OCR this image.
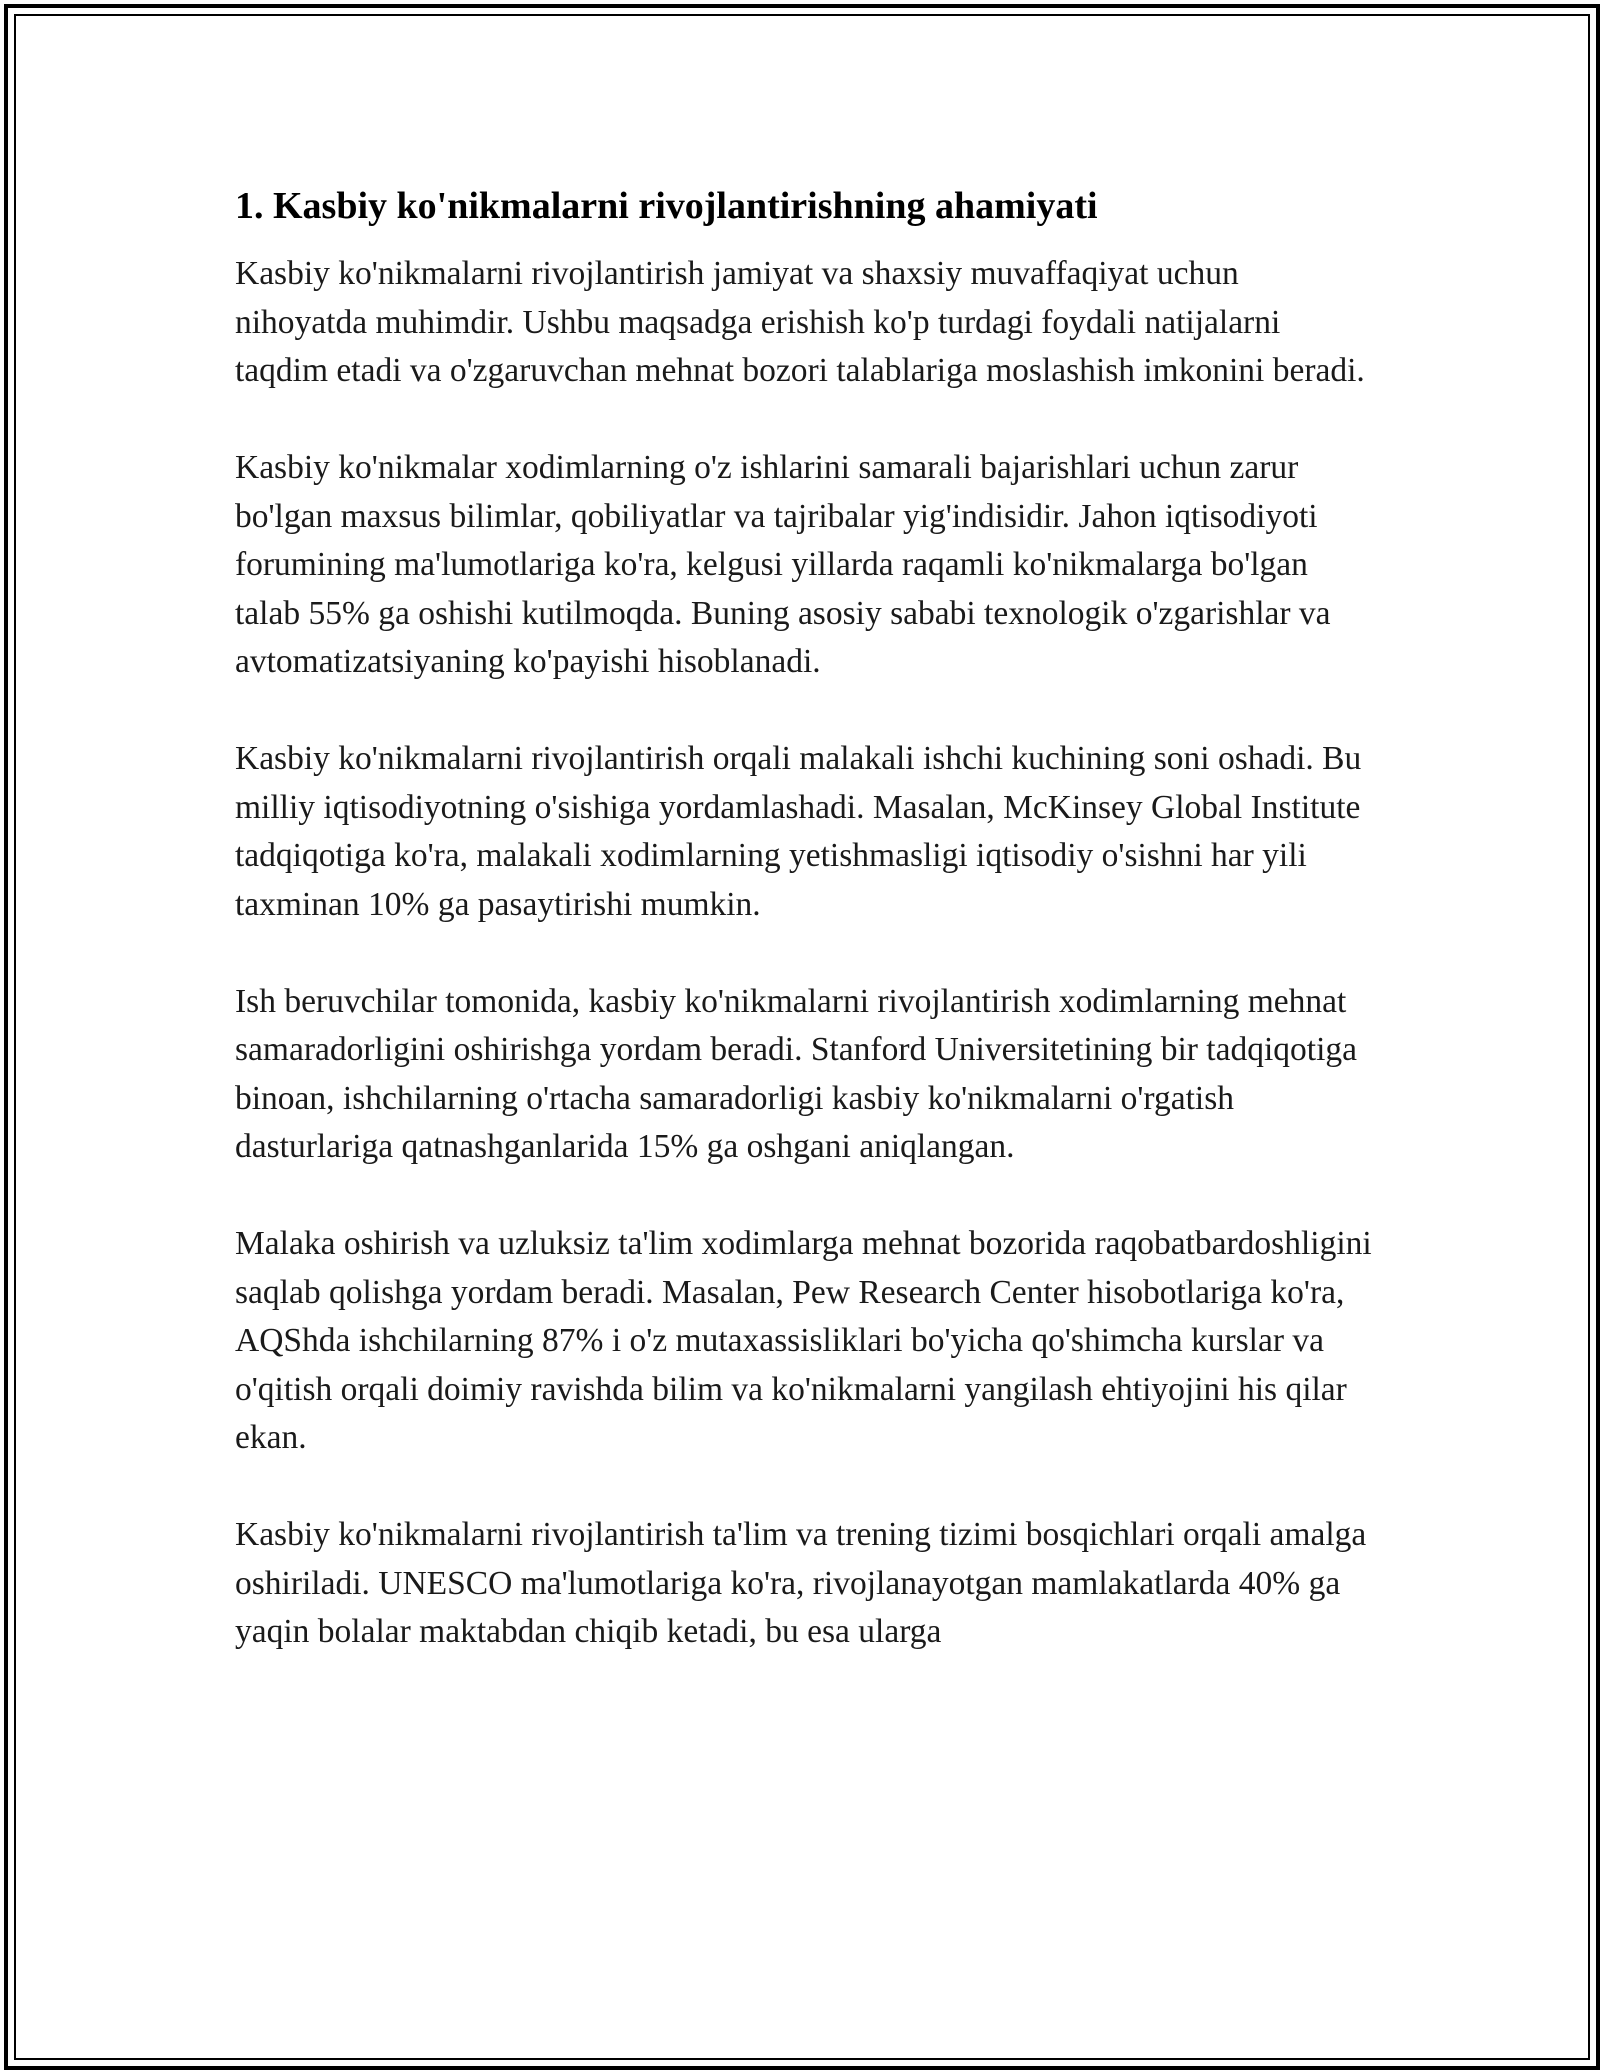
1. Kasbiy ko'nikmalarni rivojlantirishning ahamiyati

Kasbiy ko'nikmalarni rivojlantirish jamiyat va shaxsiy muvaffaqiyat uchun nihoyatda muhimdir. Ushbu maqsadga erishish ko'p turdagi foydali natijalarni taqdim etadi va o'zgaruvchan mehnat bozori talablariga moslashish imkonini beradi.

Kasbiy ko'nikmalar xodimlarning o'z ishlarini samarali bajarishlari uchun zarur bo'lgan maxsus bilimlar, qobiliyatlar va tajribalar yig'indisidir. Jahon iqtisodiyoti forumining ma'lumotlariga ko'ra, kelgusi yillarda raqamli ko'nikmalarga bo'lgan talab 55% ga oshishi kutilmoqda. Buning asosiy sababi texnologik o'zgarishlar va avtomatizatsiyaning ko'payishi hisoblanadi.

Kasbiy ko'nikmalarni rivojlantirish orqali malakali ishchi kuchining soni oshadi. Bu milliy iqtisodiyotning o'sishiga yordamlashadi. Masalan, McKinsey Global Institute tadqiqotiga ko'ra, malakali xodimlarning yetishmasligi iqtisodiy o'sishni har yili taxminan 10% ga pasaytirishi mumkin.

Ish beruvchilar tomonida, kasbiy ko'nikmalarni rivojlantirish xodimlarning mehnat samaradorligini oshirishga yordam beradi. Stanford Universitetining bir tadqiqotiga binoan, ishchilarning o'rtacha samaradorligi kasbiy ko'nikmalarni o'rgatish dasturlariga qatnashganlarida 15% ga oshgani aniqlangan.

Malaka oshirish va uzluksiz ta'lim xodimlarga mehnat bozorida raqobatbardoshligini saqlab qolishga yordam beradi. Masalan, Pew Research Center hisobotlariga ko'ra, AQShda ishchilarning 87% i o'z mutaxassisliklari bo'yicha qo'shimcha kurslar va o'qitish orqali doimiy ravishda bilim va ko'nikmalarni yangilash ehtiyojini his qilar ekan.

Kasbiy ko'nikmalarni rivojlantirish ta'lim va trening tizimi bosqichlari orqali amalga oshiriladi. UNESCO ma'lumotlariga ko'ra, rivojlanayotgan mamlakatlarda 40% ga yaqin bolalar maktabdan chiqib ketadi, bu esa ularga
